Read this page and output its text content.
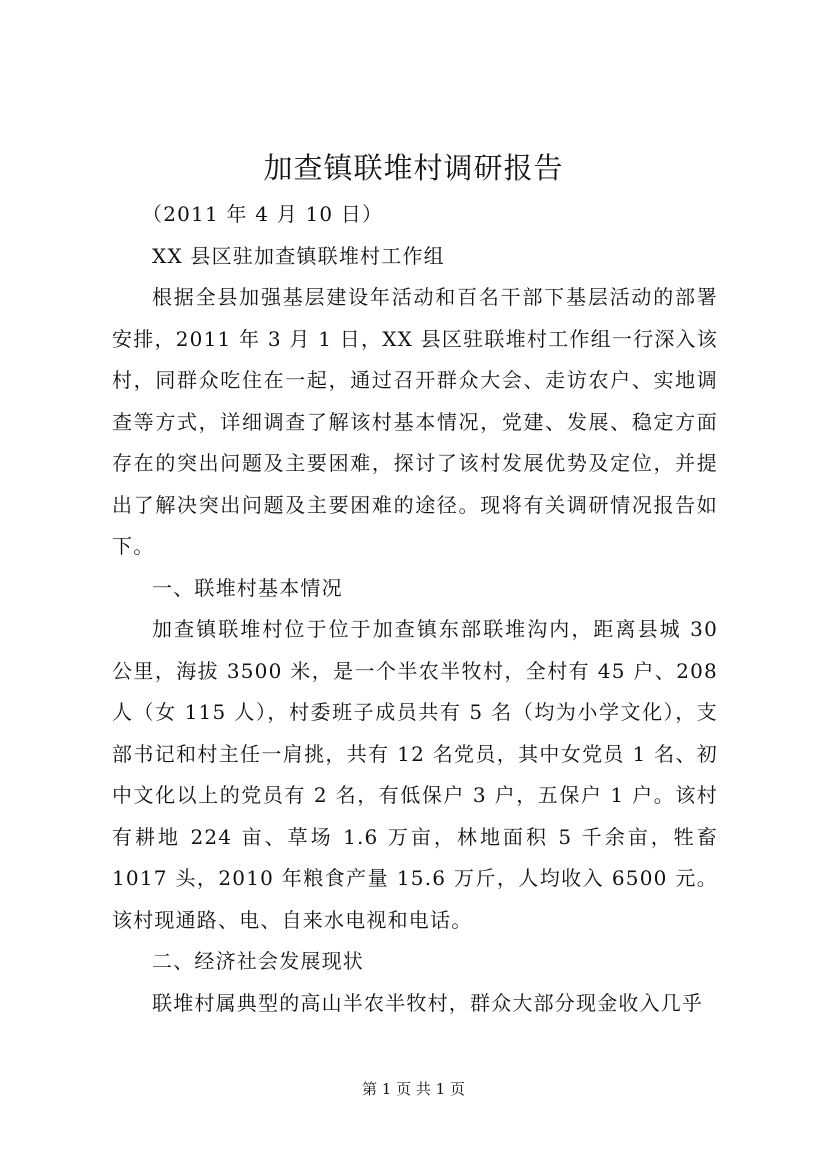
加查镇联堆村调研报告

（2011 年 4 月 10 日）

XX 县区驻加查镇联堆村工作组

根据全县加强基层建设年活动和百名干部下基层活动的部署安排，2011 年 3 月 1 日，XX 县区驻联堆村工作组一行深入该村，同群众吃住在一起，通过召开群众大会、走访农户、实地调查等方式，详细调查了解该村基本情况，党建、发展、稳定方面存在的突出问题及主要困难，探讨了该村发展优势及定位，并提出了解决突出问题及主要困难的途径。现将有关调研情况报告如下。

一、联堆村基本情况

加查镇联堆村位于位于加查镇东部联堆沟内，距离县城 30 公里，海拔 3500 米，是一个半农半牧村，全村有 45 户、208 人（女 115 人），村委班子成员共有 5 名（均为小学文化），支部书记和村主任一肩挑，共有 12 名党员，其中女党员 1 名、初中文化以上的党员有 2 名，有低保户 3 户，五保户 1 户。该村有耕地 224 亩、草场 1.6 万亩，林地面积 5 千余亩，牲畜 1017 头，2010 年粮食产量 15.6 万斤，人均收入 6500 元。该村现通路、电、自来水电视和电话。

二、经济社会发展现状

联堆村属典型的高山半农半牧村，群众大部分现金收入几乎

第 1 页 共 1 页
